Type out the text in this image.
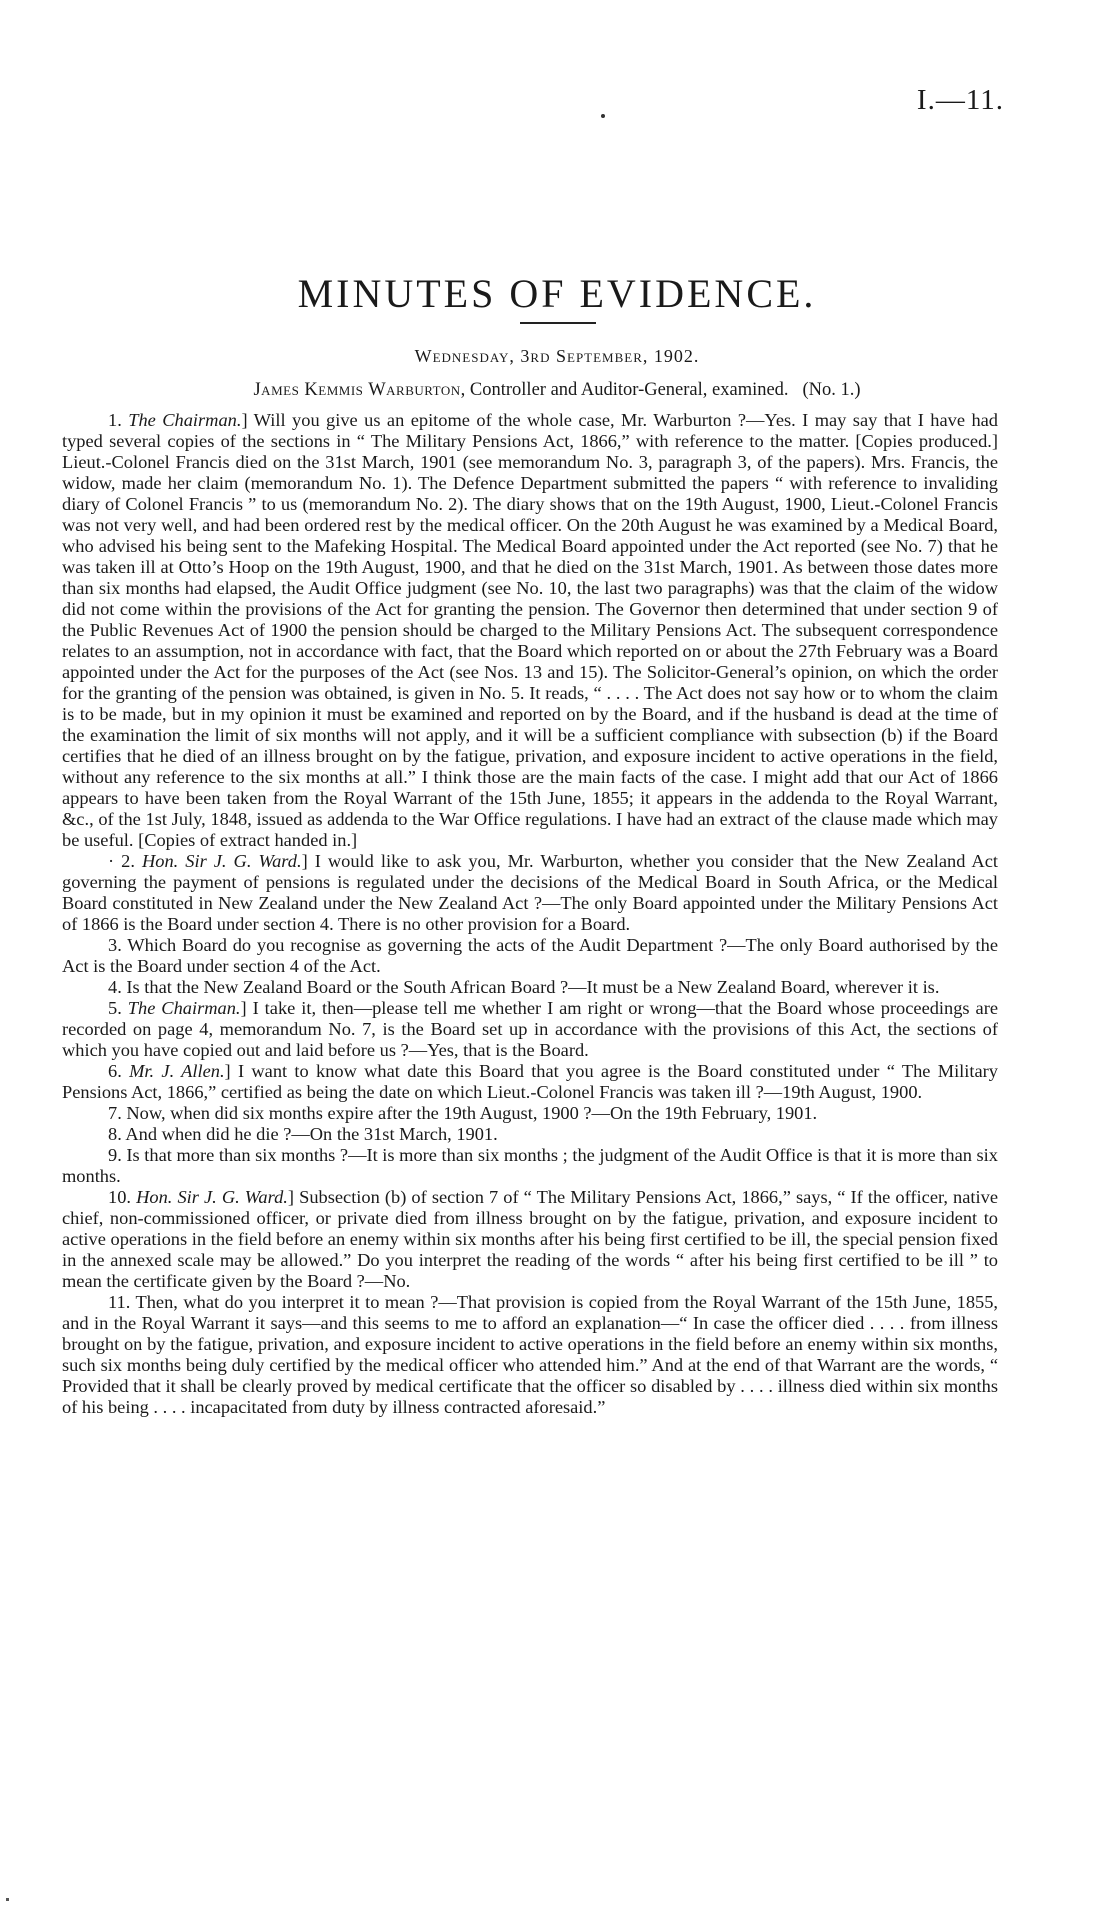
I.—11.
MINUTES OF EVIDENCE.
Wednesday, 3rd September, 1902.
James Kemmis Warburton, Controller and Auditor-General, examined. (No. 1.)

1. The Chairman.] Will you give us an epitome of the whole case, Mr. Warburton ?—Yes. I may say that I have had typed several copies of the sections in “ The Military Pensions Act, 1866,” with reference to the matter. [Copies produced.] Lieut.-Colonel Francis died on the 31st March, 1901 (see memorandum No. 3, paragraph 3, of the papers). Mrs. Francis, the widow, made her claim (memorandum No. 1). The Defence Department submitted the papers “ with reference to invaliding diary of Colonel Francis ” to us (memorandum No. 2). The diary shows that on the 19th August, 1900, Lieut.-Colonel Francis was not very well, and had been ordered rest by the medical officer. On the 20th August he was examined by a Medical Board, who advised his being sent to the Mafeking Hospital. The Medical Board appointed under the Act reported (see No. 7) that he was taken ill at Otto’s Hoop on the 19th August, 1900, and that he died on the 31st March, 1901. As between those dates more than six months had elapsed, the Audit Office judgment (see No. 10, the last two paragraphs) was that the claim of the widow did not come within the provisions of the Act for granting the pension. The Governor then determined that under section 9 of the Public Revenues Act of 1900 the pension should be charged to the Military Pensions Act. The subsequent correspondence relates to an assumption, not in accordance with fact, that the Board which reported on or about the 27th February was a Board appointed under the Act for the purposes of the Act (see Nos. 13 and 15). The Solicitor-General’s opinion, on which the order for the granting of the pension was obtained, is given in No. 5. It reads, “ . . . . The Act does not say how or to whom the claim is to be made, but in my opinion it must be examined and reported on by the Board, and if the husband is dead at the time of the examination the limit of six months will not apply, and it will be a sufficient compliance with subsection (b) if the Board certifies that he died of an illness brought on by the fatigue, privation, and exposure incident to active operations in the field, without any reference to the six months at all.” I think those are the main facts of the case. I might add that our Act of 1866 appears to have been taken from the Royal Warrant of the 15th June, 1855; it appears in the addenda to the Royal Warrant, &c., of the 1st July, 1848, issued as addenda to the War Office regulations. I have had an extract of the clause made which may be useful. [Copies of extract handed in.]

· 2. Hon. Sir J. G. Ward.] I would like to ask you, Mr. Warburton, whether you consider that the New Zealand Act governing the payment of pensions is regulated under the decisions of the Medical Board in South Africa, or the Medical Board constituted in New Zealand under the New Zealand Act ?—The only Board appointed under the Military Pensions Act of 1866 is the Board under section 4. There is no other provision for a Board.

3. Which Board do you recognise as governing the acts of the Audit Department ?—The only Board authorised by the Act is the Board under section 4 of the Act.

4. Is that the New Zealand Board or the South African Board ?—It must be a New Zealand Board, wherever it is.

5. The Chairman.] I take it, then—please tell me whether I am right or wrong—that the Board whose proceedings are recorded on page 4, memorandum No. 7, is the Board set up in accordance with the provisions of this Act, the sections of which you have copied out and laid before us ?—Yes, that is the Board.

6. Mr. J. Allen.] I want to know what date this Board that you agree is the Board constituted under “ The Military Pensions Act, 1866,” certified as being the date on which Lieut.-Colonel Francis was taken ill ?—19th August, 1900.

7. Now, when did six months expire after the 19th August, 1900 ?—On the 19th February, 1901.

8. And when did he die ?—On the 31st March, 1901.

9. Is that more than six months ?—It is more than six months ; the judgment of the Audit Office is that it is more than six months.

10. Hon. Sir J. G. Ward.] Subsection (b) of section 7 of “ The Military Pensions Act, 1866,” says, “ If the officer, native chief, non-commissioned officer, or private died from illness brought on by the fatigue, privation, and exposure incident to active operations in the field before an enemy within six months after his being first certified to be ill, the special pension fixed in the annexed scale may be allowed.” Do you interpret the reading of the words “ after his being first certified to be ill ” to mean the certificate given by the Board ?—No.

11. Then, what do you interpret it to mean ?—That provision is copied from the Royal Warrant of the 15th June, 1855, and in the Royal Warrant it says—and this seems to me to afford an explanation—“ In case the officer died . . . . from illness brought on by the fatigue, privation, and exposure incident to active operations in the field before an enemy within six months, such six months being duly certified by the medical officer who attended him.” And at the end of that Warrant are the words, “ Provided that it shall be clearly proved by medical certificate that the officer so disabled by . . . . illness died within six months of his being . . . . incapacitated from duty by illness contracted aforesaid.”
